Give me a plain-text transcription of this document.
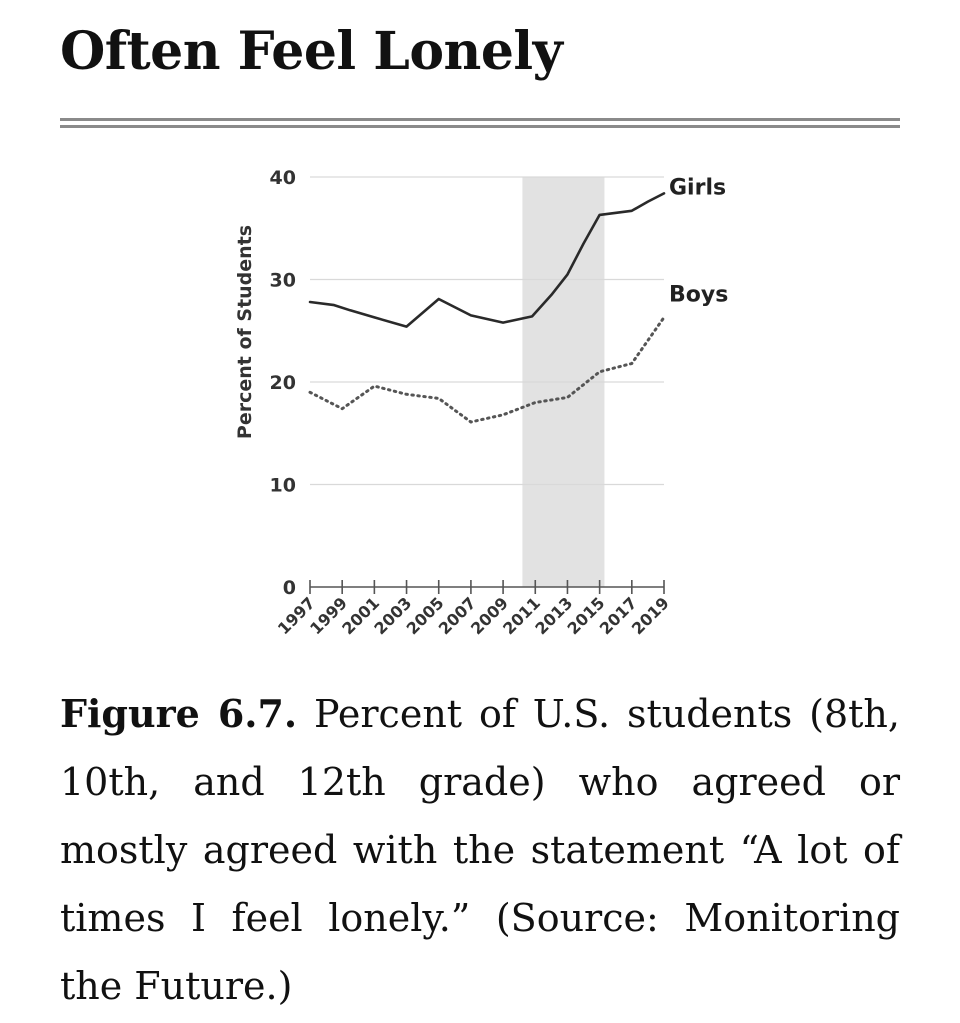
Often Feel Lonely
0
10
20
30
40
Percent of Students
1997
1999
2001
2003
2005
2007
2009
2011
2013
2015
2017
2019
Girls
Boys

Figure 6.7. Percent of U.S. students (8th, 10th, and 12th grade) who agreed or mostly agreed with the statement “A lot of times I feel lonely.” (Source: Monitoring the Future.)
